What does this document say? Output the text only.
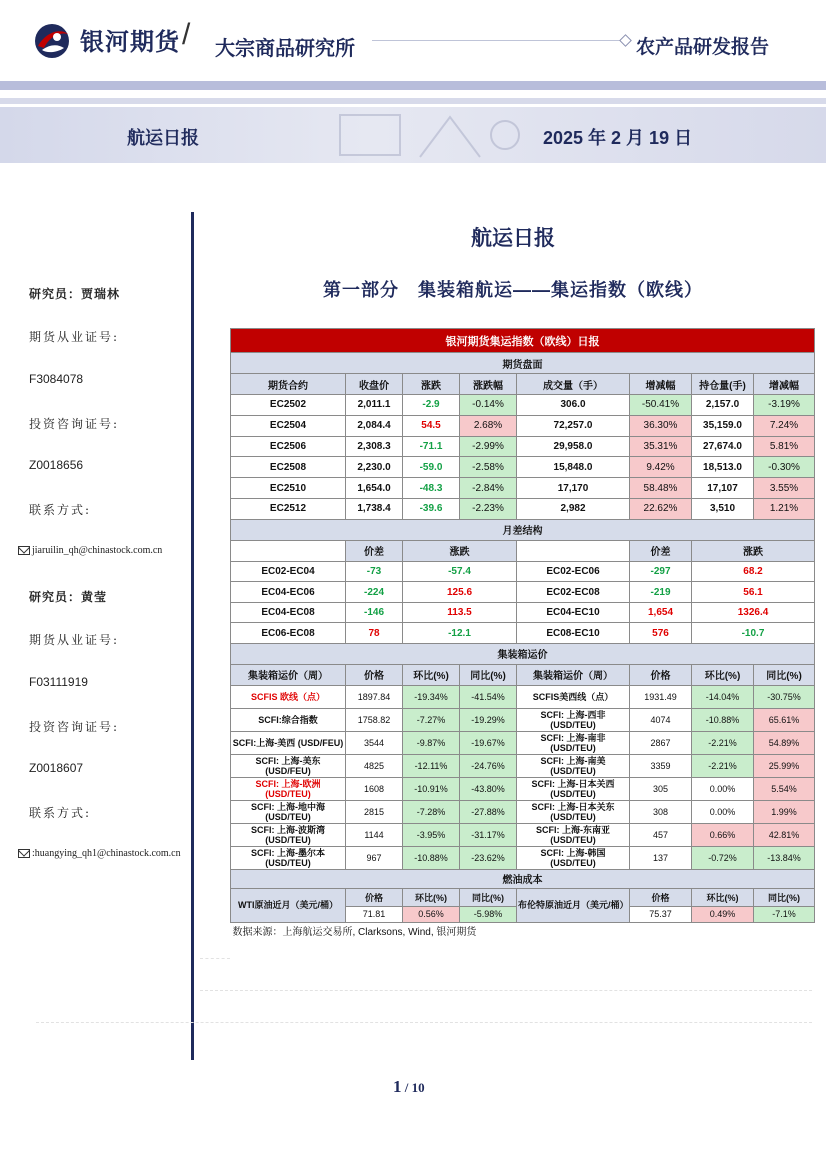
银河期货 / 大宗商品研究所	农产品研发报告
航运日报	2025 年 2 月 19 日
研究员：贾瑞林
期货从业证号:
F3084078
投资咨询证号:
Z0018656
联系方式:
jiaruilin_qh@chinastock.com.cn
研究员：黄莹
期货从业证号:
F03111919
投资咨询证号:
Z0018607
联系方式:
:huangying_qh1@chinastock.com.cn
航运日报
第一部分　集装箱航运——集运指数（欧线）
银河期货集运指数（欧线）日报							
期货盘面							
期货合约	收盘价	涨跌	涨跌幅	成交量（手）	增减幅	持仓量(手)	增减幅
EC2502	2,011.1	-2.9	-0.14%	306.0	-50.41%	2,157.0	-3.19%
EC2504	2,084.4	54.5	2.68%	72,257.0	36.30%	35,159.0	7.24%
EC2506	2,308.3	-71.1	-2.99%	29,958.0	35.31%	27,674.0	5.81%
EC2508	2,230.0	-59.0	-2.58%	15,848.0	9.42%	18,513.0	-0.30%
EC2510	1,654.0	-48.3	-2.84%	17,170	58.48%	17,107	3.55%
EC2512	1,738.4	-39.6	-2.23%	2,982	22.62%	3,510	1.21%
月差结构							
	价差	涨跌			价差	涨跌	
EC02-EC04	-73	-57.4		EC02-EC06	-297	68.2	
EC04-EC06	-224	125.6		EC02-EC08	-219	56.1	
EC04-EC08	-146	113.5		EC04-EC10	1,654	1326.4	
EC06-EC08	78	-12.1		EC08-EC10	576	-10.7	
集装箱运价							
集装箱运价（周）	价格	环比(%)	同比(%)	集装箱运价（周）	价格	环比(%)	同比(%)
SCFIS 欧线（点）	1897.84	-19.34%	-41.54%	SCFIS美西线（点）	1931.49	-14.04%	-30.75%
SCFI:综合指数	1758.82	-7.27%	-19.29%	SCFI: 上海-西非 (USD/TEU)	4074	-10.88%	65.61%
SCFI:上海-美西 (USD/FEU)	3544	-9.87%	-19.67%	SCFI: 上海-南非 (USD/TEU)	2867	-2.21%	54.89%
SCFI: 上海-美东 (USD/FEU)	4825	-12.11%	-24.76%	SCFI: 上海-南美 (USD/TEU)	3359	-2.21%	25.99%
SCFI: 上海-欧洲 (USD/TEU)	1608	-10.91%	-43.80%	SCFI: 上海-日本关西 (USD/TEU)	305	0.00%	5.54%
SCFI: 上海-地中海 (USD/TEU)	2815	-7.28%	-27.88%	SCFI: 上海-日本关东 (USD/TEU)	308	0.00%	1.99%
SCFI: 上海-波斯湾 (USD/TEU)	1144	-3.95%	-31.17%	SCFI: 上海-东南亚 (USD/TEU)	457	0.66%	42.81%
SCFI: 上海-墨尔本 (USD/TEU)	967	-10.88%	-23.62%	SCFI: 上海-韩国 (USD/TEU)	137	-0.72%	-13.84%
燃油成本							
WTI原油近月（美元/桶）	价格	环比(%)	同比(%)	布伦特原油近月（美元/桶）	价格	环比(%)	同比(%)
	71.81	0.56%	-5.98%		75.37	0.49%	-7.1%
数据来源：上海航运交易所, Clarksons, Wind, 银河期货							
1 / 10
